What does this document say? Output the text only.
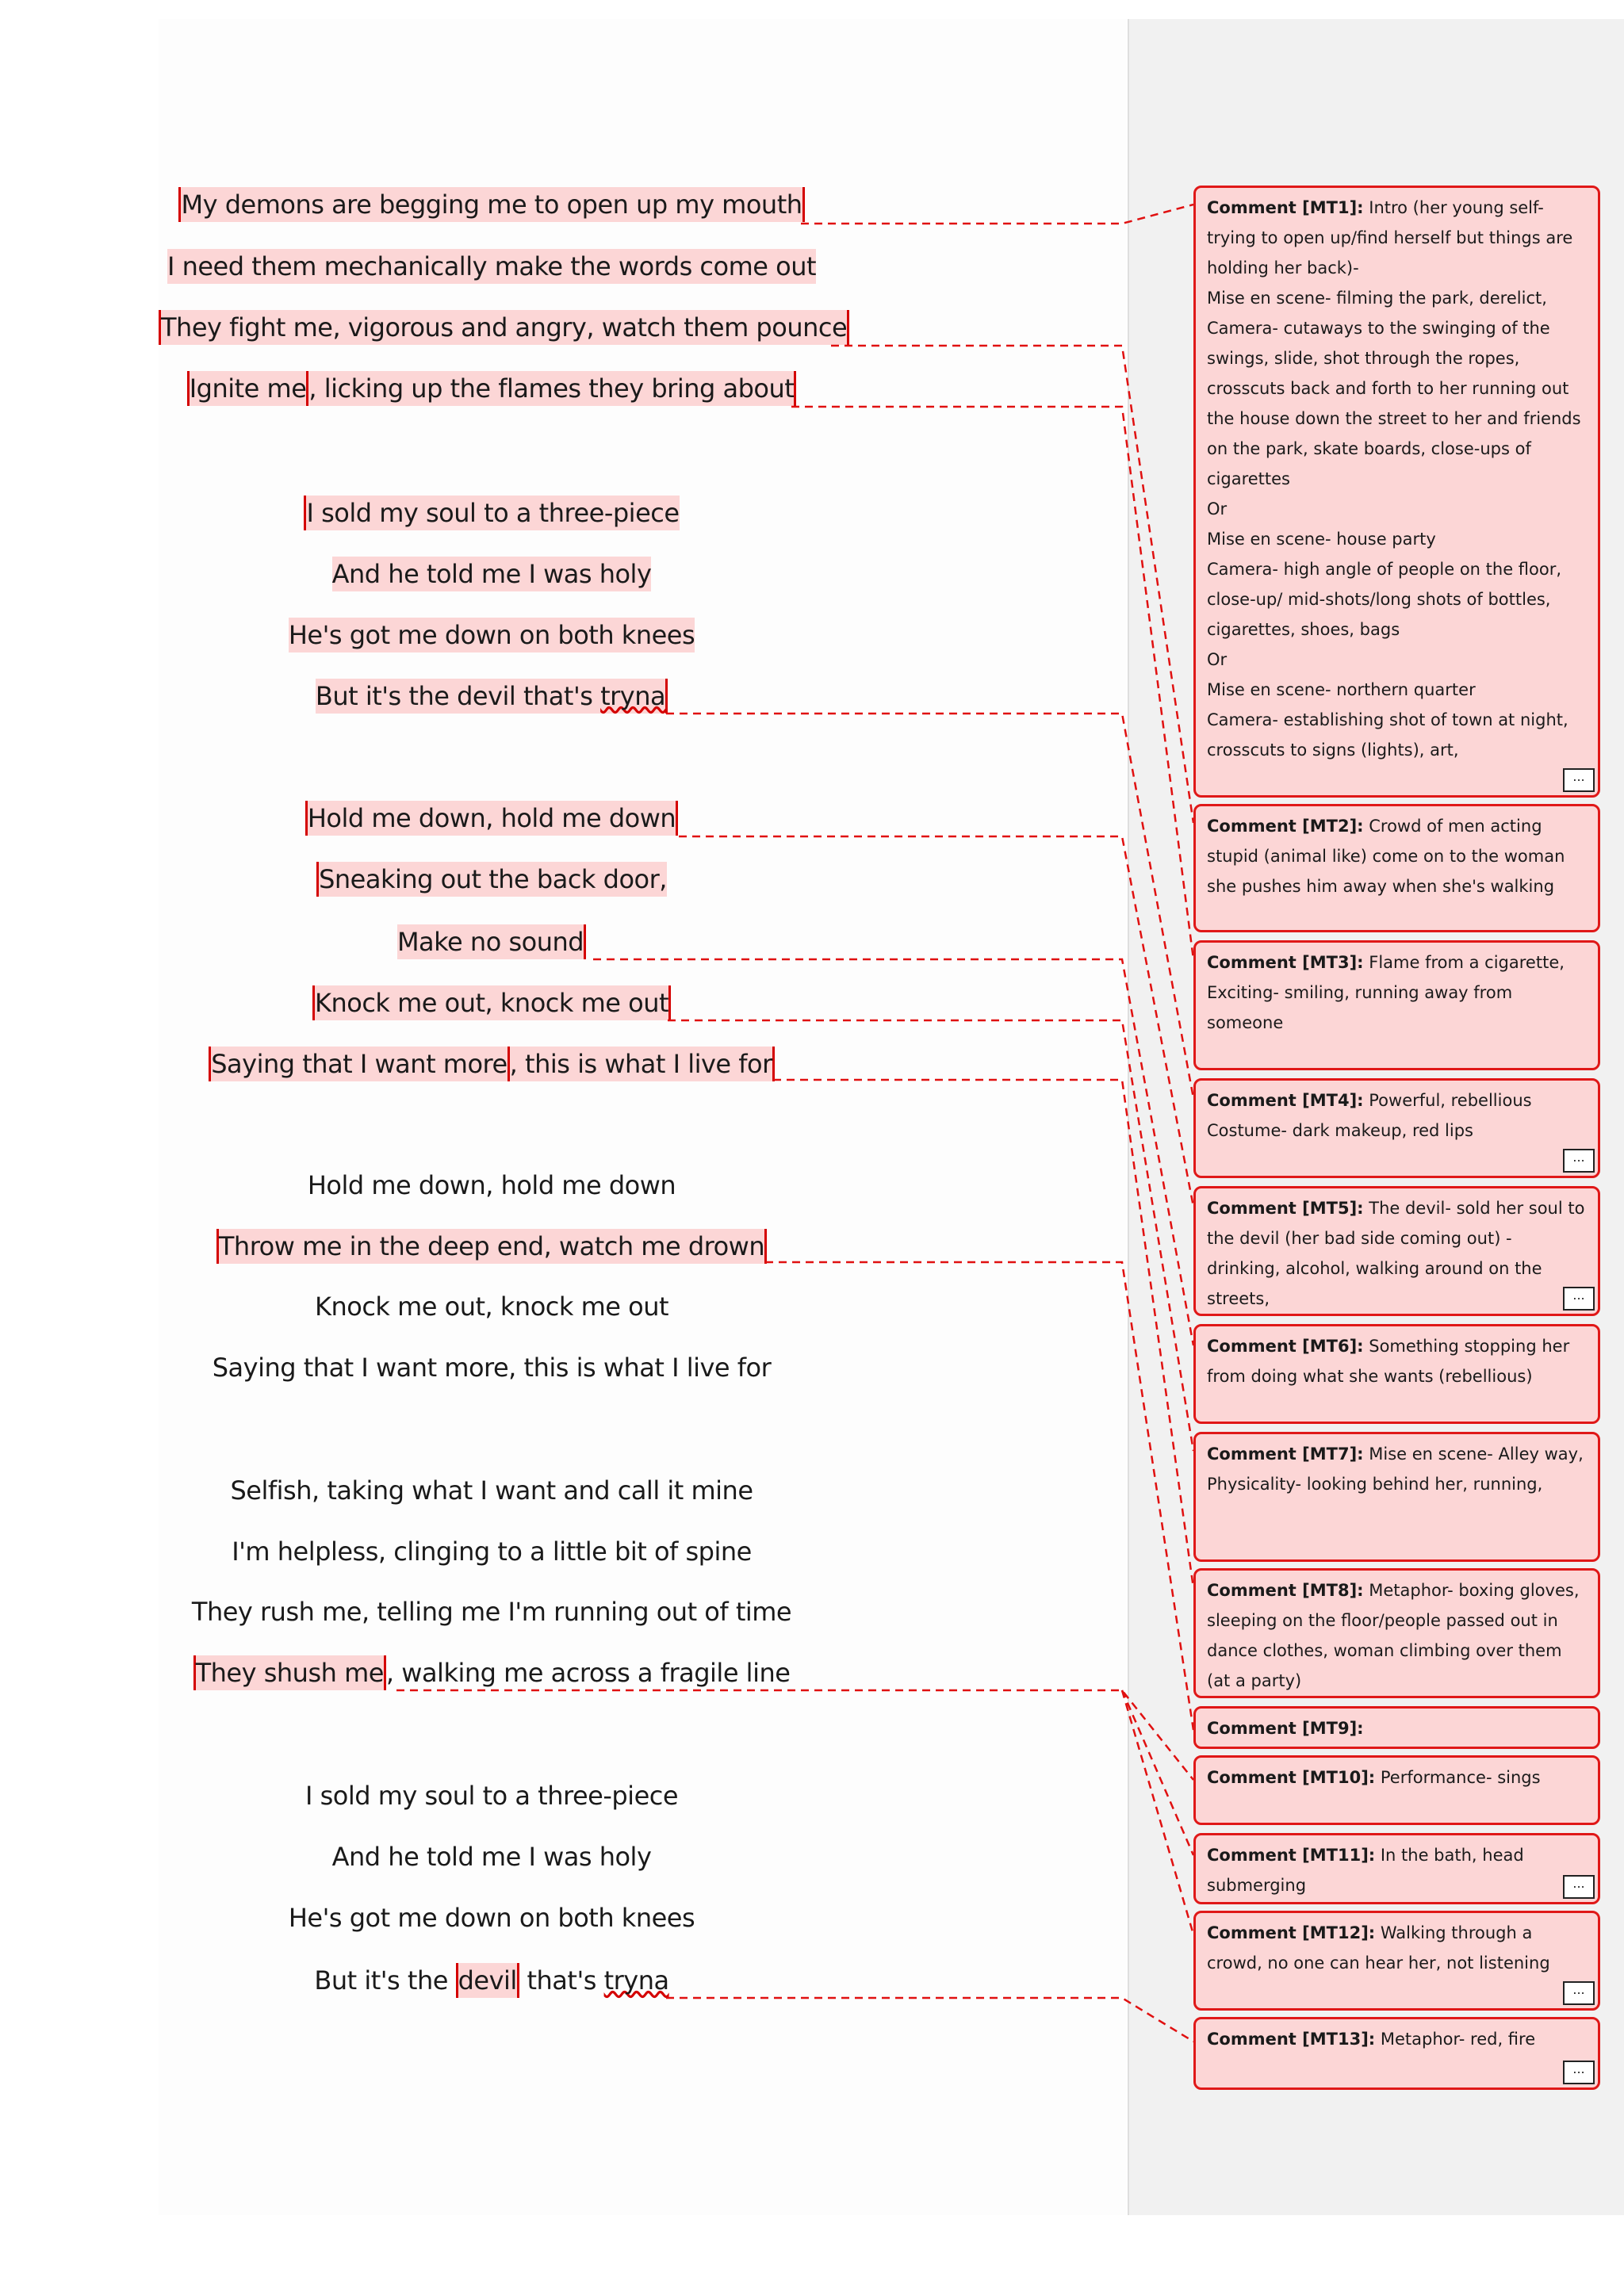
My demons are begging me to open up my mouth
I need them mechanically make the words come out
They fight me, vigorous and angry, watch them pounce
Ignite me, licking up the flames they bring about
I sold my soul to a three-piece
And he told me I was holy
He's got me down on both knees
But it's the devil that's tryna
Hold me down, hold me down
Sneaking out the back door,
Make no sound
Knock me out, knock me out
Saying that I want more, this is what I live for
Hold me down, hold me down
Throw me in the deep end, watch me drown
Knock me out, knock me out
Saying that I want more, this is what I live for
Selfish, taking what I want and call it mine
I'm helpless, clinging to a little bit of spine
They rush me, telling me I'm running out of time
They shush me, walking me across a fragile line
I sold my soul to a three-piece
And he told me I was holy
He's got me down on both knees
But it's the devil that's tryna
Comment [MT1]: Intro (her young self-trying to open up/find herself but things are holding her back)-
Mise en scene- filming the park, derelict,
Camera- cutaways to the swinging of the swings, slide, shot through the ropes, crosscuts back and forth to her running out the house down the street to her and friends on the park, skate boards, close-ups of cigarettes
Or
Mise en scene- house party
Camera- high angle of people on the floor, close-up/ mid-shots/long shots of bottles, cigarettes, shoes, bags
Or
Mise en scene- northern quarter
Camera- establishing shot of town at night, crosscuts to signs (lights), art,
...
Comment [MT2]: Crowd of men acting stupid (animal like) come on to the woman she pushes him away when she's walking
Comment [MT3]: Flame from a cigarette,
Exciting- smiling, running away from someone
Comment [MT4]: Powerful, rebellious
Costume- dark makeup, red lips
...
Comment [MT5]: The devil- sold her soul to the devil (her bad side coming out) - drinking, alcohol, walking around on the streets,	...
Comment [MT6]: Something stopping her from doing what she wants (rebellious)
Comment [MT7]: Mise en scene- Alley way,
Physicality- looking behind her, running,
Comment [MT8]: Metaphor- boxing gloves, sleeping on the floor/people passed out in dance clothes, woman climbing over them (at a party)
Comment [MT9]:
Comment [MT10]: Performance- sings
Comment [MT11]: In the bath, head submerging	...
Comment [MT12]: Walking through a crowd, no one can hear her, not listening
...
Comment [MT13]: Metaphor- red, fire
...
